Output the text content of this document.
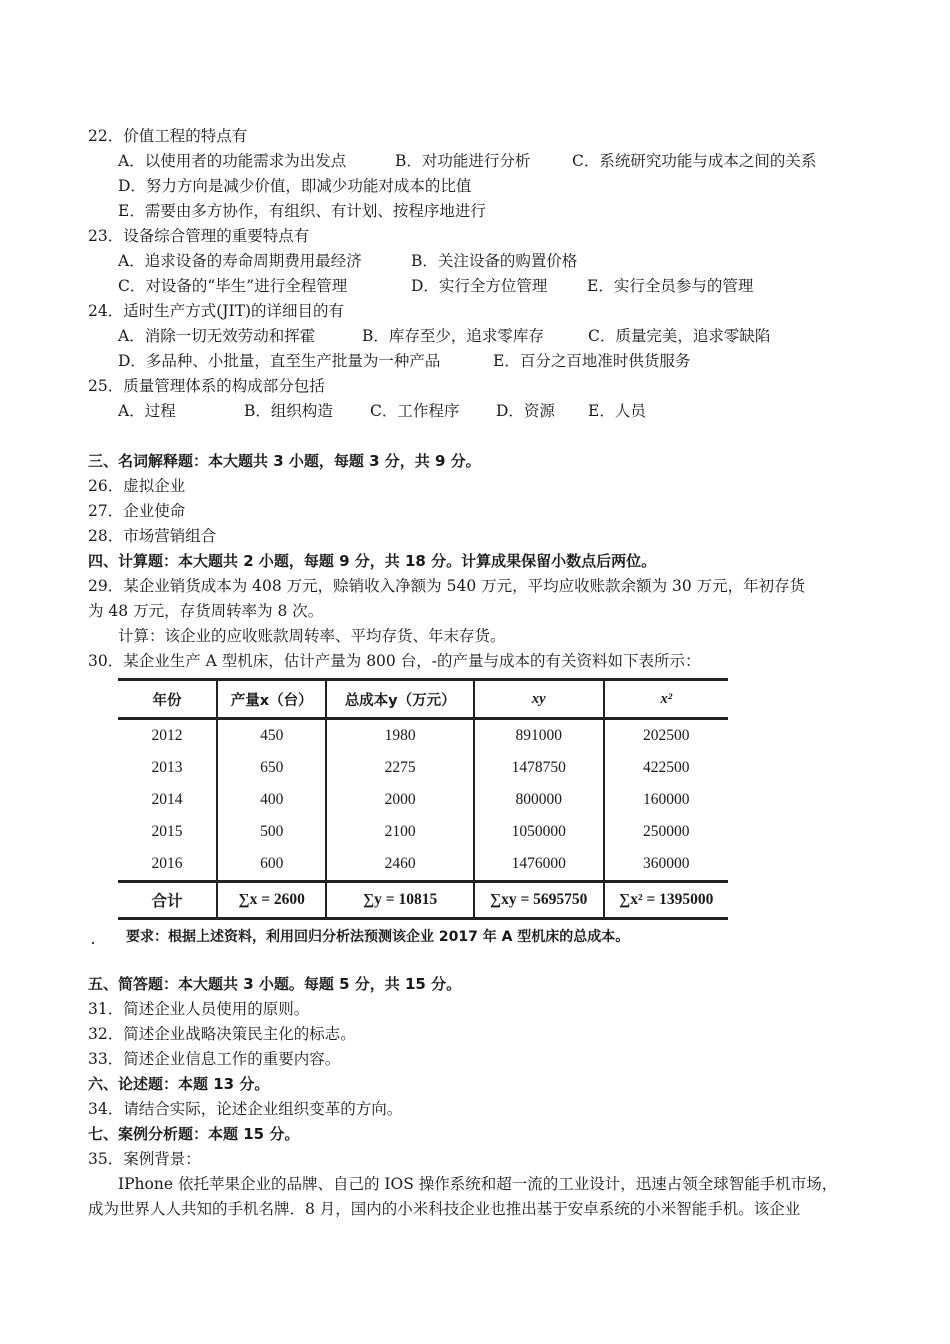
22．价值工程的特点有
A．以使用者的功能需求为出发点	B．对功能进行分析	C．系统研究功能与成本之间的关系
D．努力方向是减少价值，即减少功能对成本的比值
E．需要由多方协作，有组织、有计划、按程序地进行
23．设备综合管理的重要特点有
A．追求设备的寿命周期费用最经济	B．关注设备的购置价格
C．对设备的“毕生”进行全程管理	D．实行全方位管理	E．实行全员参与的管理
24．适时生产方式(JIT)的详细目的有
A．消除一切无效劳动和挥霍	B．库存至少，追求零库存	C．质量完美，追求零缺陷
D．多品种、小批量，直至生产批量为一种产品	E．百分之百地准时供货服务
25．质量管理体系的构成部分包括
A．过程	B．组织构造 C．工作程序 D．资源 E．人员
三、名词解释题：本大题共 3 小题，每题 3 分，共 9 分。
26．虚拟企业
27．企业使命
28．市场营销组合
四、计算题：本大题共 2 小题，每题 9 分，共 18 分。计算成果保留小数点后两位。
29．某企业销货成本为 408 万元，赊销收入净额为 540 万元，平均应收账款余额为 30 万元，年初存货
为 48 万元，存货周转率为 8 次。
计算：该企业的应收账款周转率、平均存货、年末存货。
30．某企业生产 A 型机床，估计产量为 800 台，-的产量与成本的有关资料如下表所示：
年份	产量x（台）	总成本y（万元）	xy	x²
2012	450	1980	891000	202500
2013	650	2275	1478750	422500
2014	400	2000	800000	160000
2015	500	2100	1050000	250000
2016	600	2460	1476000	360000
合计	∑x = 2600	∑y = 10815	∑xy = 5695750	∑x² = 1395000
要求：根据上述资料，利用回归分析法预测该企业 2017 年 A 型机床的总成本。
五、简答题：本大题共 3 小题。每题 5 分，共 15 分。
31．简述企业人员使用的原则。
32．简述企业战略决策民主化的标志。
33．简述企业信息工作的重要内容。
六、论述题：本题 13 分。
34．请结合实际，论述企业组织变革的方向。
七、案例分析题：本题 15 分。
35．案例背景：
IPhone 依托苹果企业的品牌、自己的 IOS 操作系统和超一流的工业设计，迅速占领全球智能手机市场，
成为世界人人共知的手机名牌．8 月，国内的小米科技企业也推出基于安卓系统的小米智能手机。该企业
